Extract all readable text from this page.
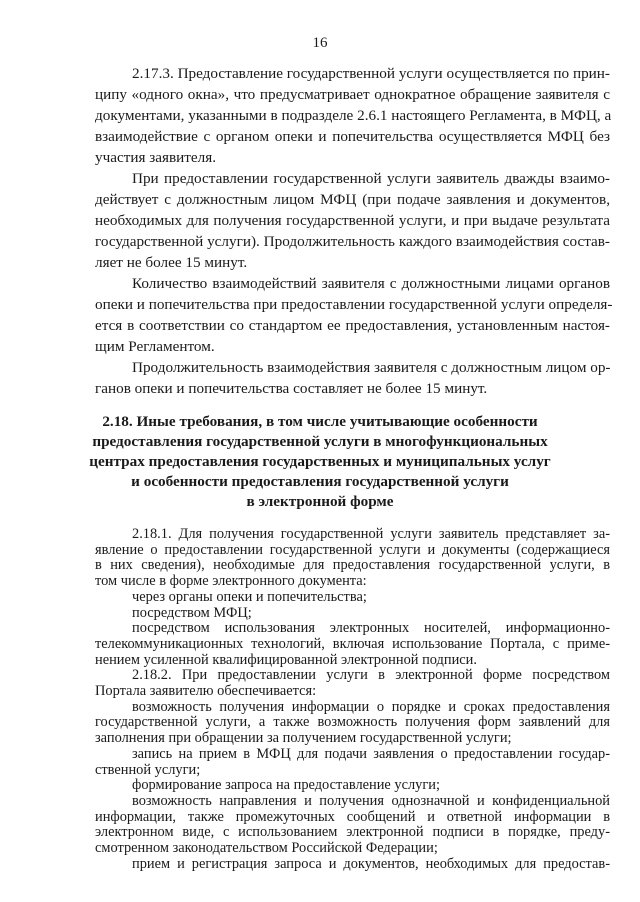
16
2.17.3. Предоставление государственной услуги осуществляется по прин-
ципу «одного окна», что предусматривает однократное обращение заявителя с
документами, указанными в подразделе 2.6.1 настоящего Регламента, в МФЦ, а
взаимодействие с органом опеки и попечительства осуществляется МФЦ без
участия заявителя.
При предоставлении государственной услуги заявитель дважды взаимо-
действует с должностным лицом МФЦ (при подаче заявления и документов,
необходимых для получения государственной услуги, и при выдаче результата
государственной услуги). Продолжительность каждого взаимодействия состав-
ляет не более 15 минут.
Количество взаимодействий заявителя с должностными лицами органов
опеки и попечительства при предоставлении государственной услуги определя-
ется в соответствии со стандартом ее предоставления, установленным настоя-
щим Регламентом.
Продолжительность взаимодействия заявителя с должностным лицом ор-
ганов опеки и попечительства составляет не более 15 минут.
2.18. Иные требования, в том числе учитывающие особенности
предоставления государственной услуги в многофункциональных
центрах предоставления государственных и муниципальных услуг
и особенности предоставления государственной услуги
в электронной форме
2.18.1. Для получения государственной услуги заявитель представляет за-
явление о предоставлении государственной услуги и документы (содержащиеся
в них сведения), необходимые для предоставления государственной услуги, в
том числе в форме электронного документа:
через органы опеки и попечительства;
посредством МФЦ;
посредством использования электронных носителей, информационно-
телекоммуникационных технологий, включая использование Портала, с приме-
нением усиленной квалифицированной электронной подписи.
2.18.2. При предоставлении услуги в электронной форме посредством
Портала заявителю обеспечивается:
возможность получения информации о порядке и сроках предоставления
государственной услуги, а также возможность получения форм заявлений для
заполнения при обращении за получением государственной услуги;
запись на прием в МФЦ для подачи заявления о предоставлении государ-
ственной услуги;
формирование запроса на предоставление услуги;
возможность направления и получения однозначной и конфиденциальной
информации, также промежуточных сообщений и ответной информации в
электронном виде, с использованием электронной подписи в порядке, преду-
смотренном законодательством Российской Федерации;
прием и регистрация запроса и документов, необходимых для предостав-
